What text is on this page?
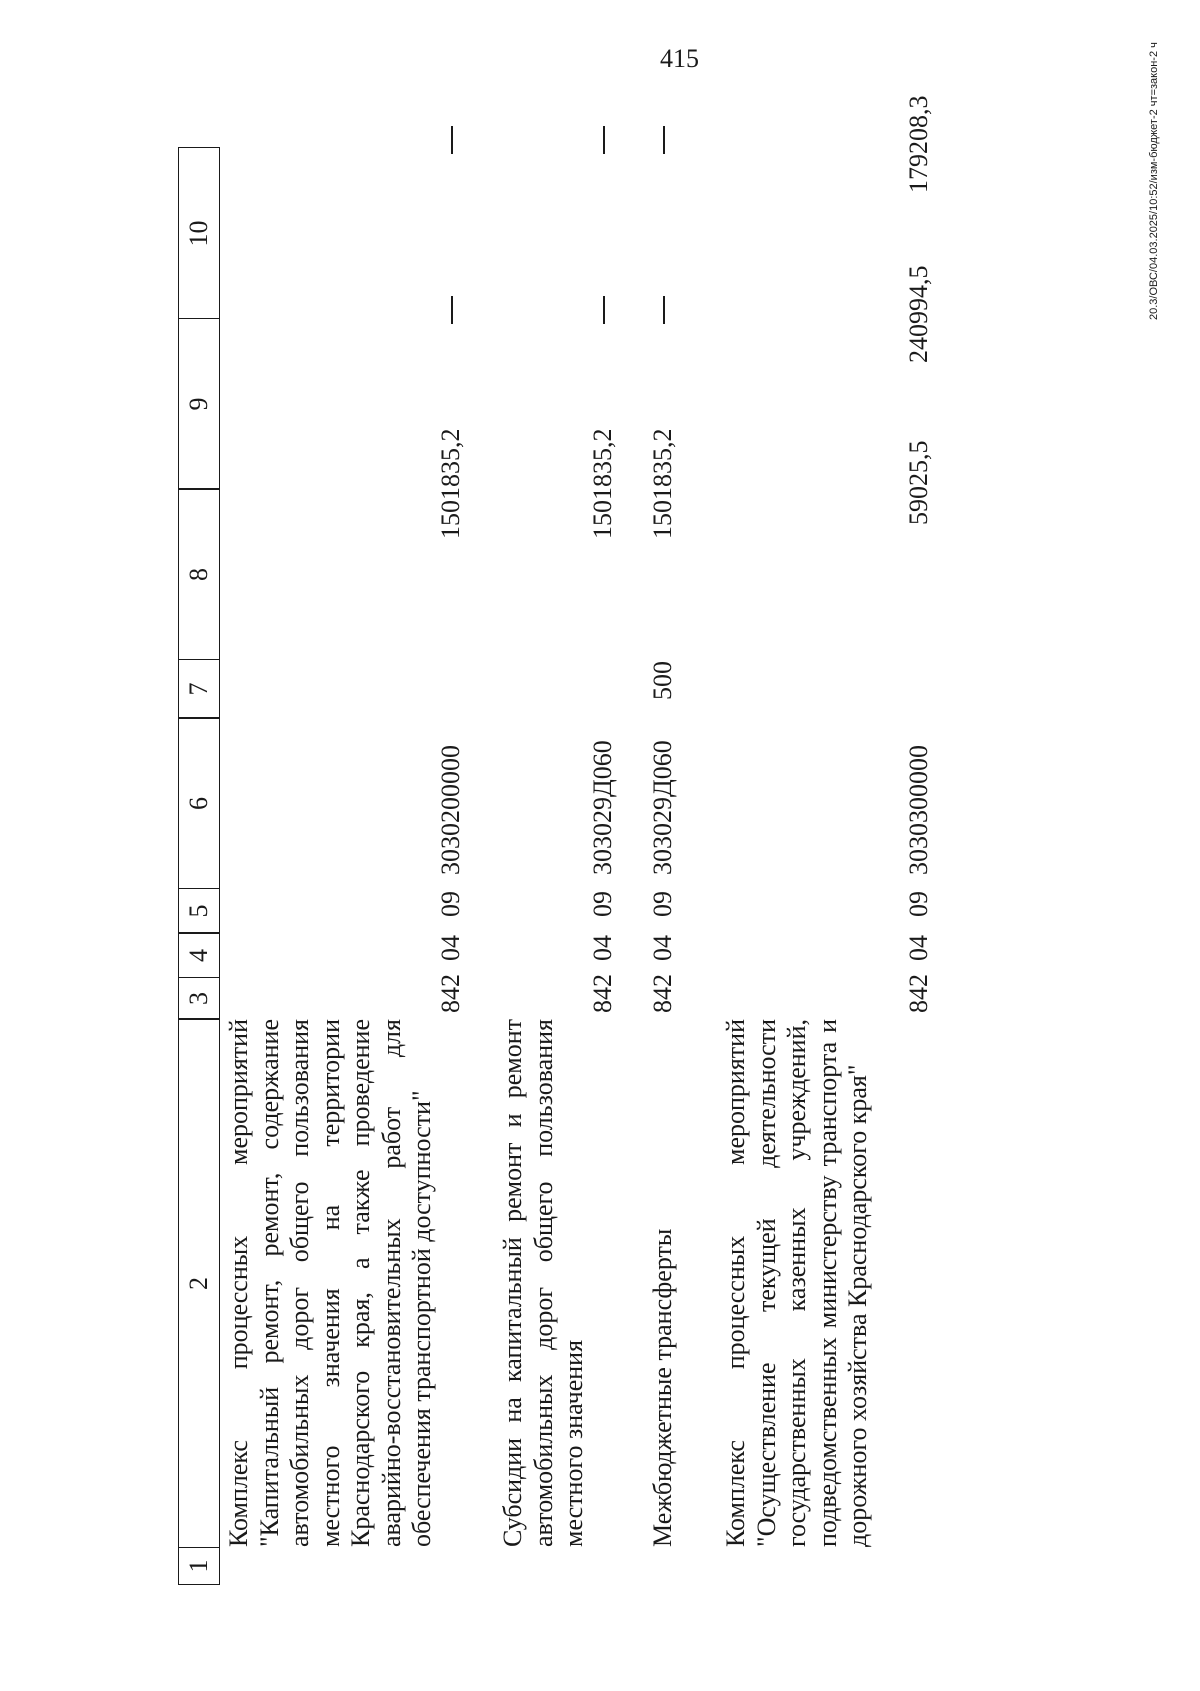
415	20.3/ОВС/04.03.2025/10:52/изм-бюджет-2 чт=закон-2 ч
1
2
3
4
5
6
7
8
9
10
Комплекс процессных мероприятий "Капитальный ремонт, ремонт, содержание автомобильных дорог общего пользования местного значения на территории Краснодарского края, а также проведение аварийно-восстановительных работ для обеспечения транспортной доступности"
842
04
09
3030200000
1501835,2
Субсидии на капитальный ремонт и ремонт автомобильных дорог общего пользования местного значения
842
04
09
303029Д060
1501835,2
Межбюджетные трансферты
842
04
09
303029Д060
500
1501835,2
Комплекс процессных мероприятий "Осуществление текущей деятельности государственных казенных учреждений, подведомственных министерству транспорта и дорожного хозяйства Краснодарского края"
842
04
09
3030300000
59025,5
240994,5
179208,3
